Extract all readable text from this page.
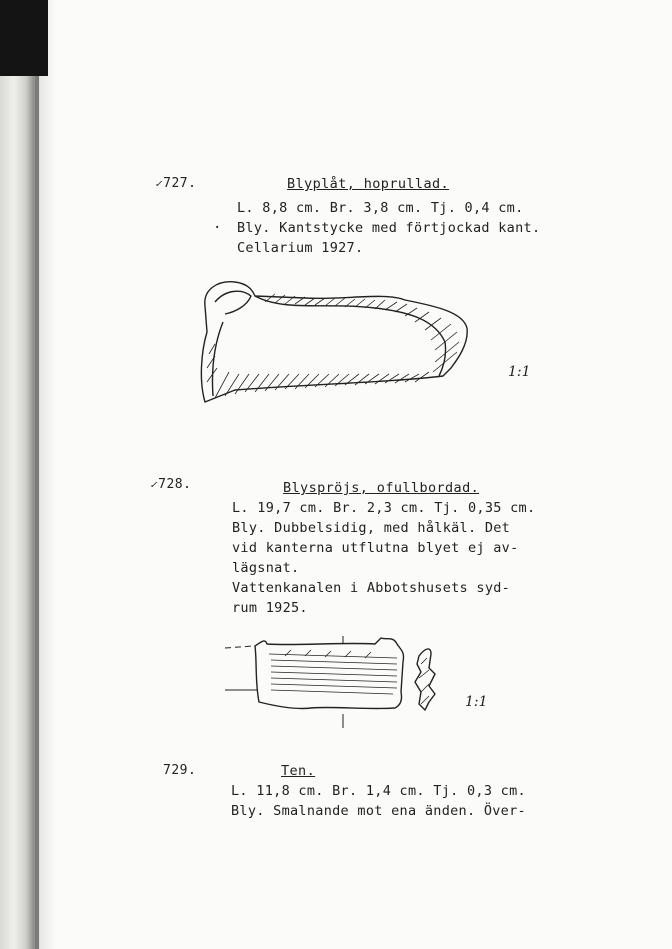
✓727.	Blyplåt, hoprullad.
L. 8,8 cm. Br. 3,8 cm. Tj. 0,4 cm.
Bly. Kantstycke med förtjockad kant.
Cellarium 1927.
.
1:1
✓728.	Blyspröjs, ofullbordad.
L. 19,7 cm. Br. 2,3 cm. Tj. 0,35 cm.
Bly. Dubbelsidig, med hålkäl. Det
vid kanterna utflutna blyet ej av-
lägsnat.
Vattenkanalen i Abbotshusets syd-
rum 1925.
1:1
729.	Ten.
L. 11,8 cm. Br. 1,4 cm. Tj. 0,3 cm.
Bly. Smalnande mot ena änden. Över-
